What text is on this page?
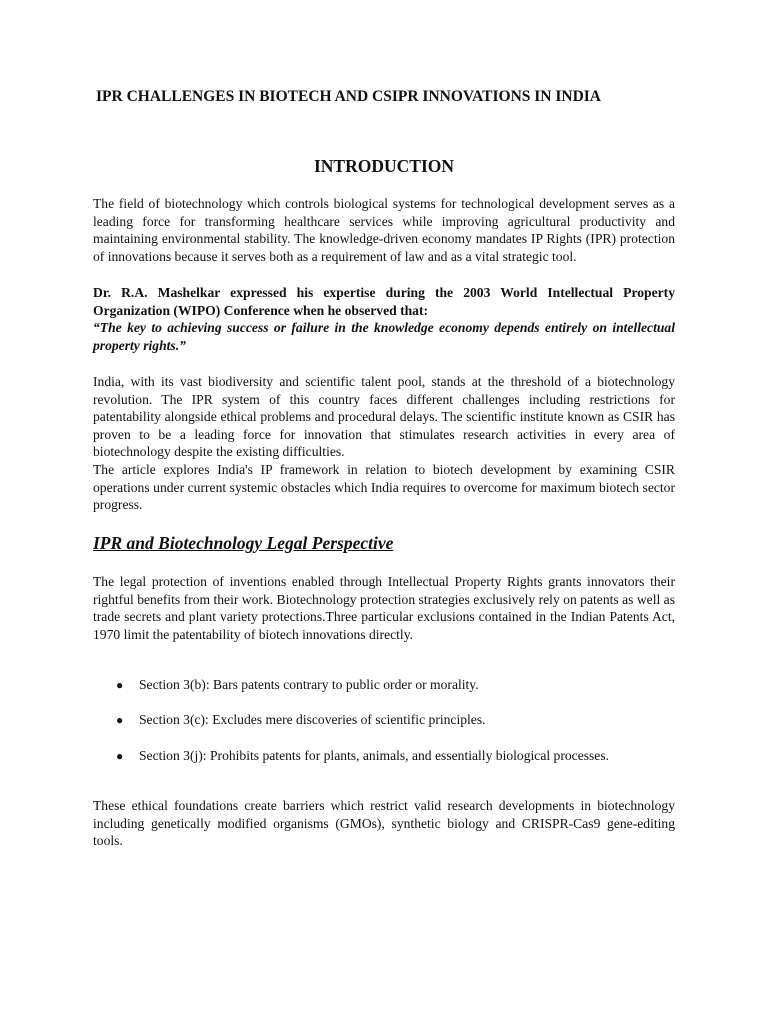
IPR CHALLENGES IN BIOTECH AND CSIPR INNOVATIONS IN INDIA
INTRODUCTION

The field of biotechnology which controls biological systems for technological development serves as a leading force for transforming healthcare services while improving agricultural productivity and maintaining environmental stability. The knowledge-driven economy mandates IP Rights (IPR) protection of innovations because it serves both as a requirement of law and as a vital strategic tool.

Dr. R.A. Mashelkar expressed his expertise during the 2003 World Intellectual Property Organization (WIPO) Conference when he observed that:
“The key to achieving success or failure in the knowledge economy depends entirely on intellectual property rights.”

India, with its vast biodiversity and scientific talent pool, stands at the threshold of a biotechnology revolution. The IPR system of this country faces different challenges including restrictions for patentability alongside ethical problems and procedural delays. The scientific institute known as CSIR has proven to be a leading force for innovation that stimulates research activities in every area of biotechnology despite the existing difficulties.

The article explores India's IP framework in relation to biotech development by examining CSIR operations under current systemic obstacles which India requires to overcome for maximum biotech sector progress.

IPR and Biotechnology Legal Perspective

The legal protection of inventions enabled through Intellectual Property Rights grants innovators their rightful benefits from their work. Biotechnology protection strategies exclusively rely on patents as well as trade secrets and plant variety protections.Three particular exclusions contained in the Indian Patents Act, 1970 limit the patentability of biotech innovations directly.

● Section 3(b): Bars patents contrary to public order or morality.
● Section 3(c): Excludes mere discoveries of scientific principles.
● Section 3(j): Prohibits patents for plants, animals, and essentially biological processes.

These ethical foundations create barriers which restrict valid research developments in biotechnology including genetically modified organisms (GMOs), synthetic biology and CRISPR-Cas9 gene-editing tools.
